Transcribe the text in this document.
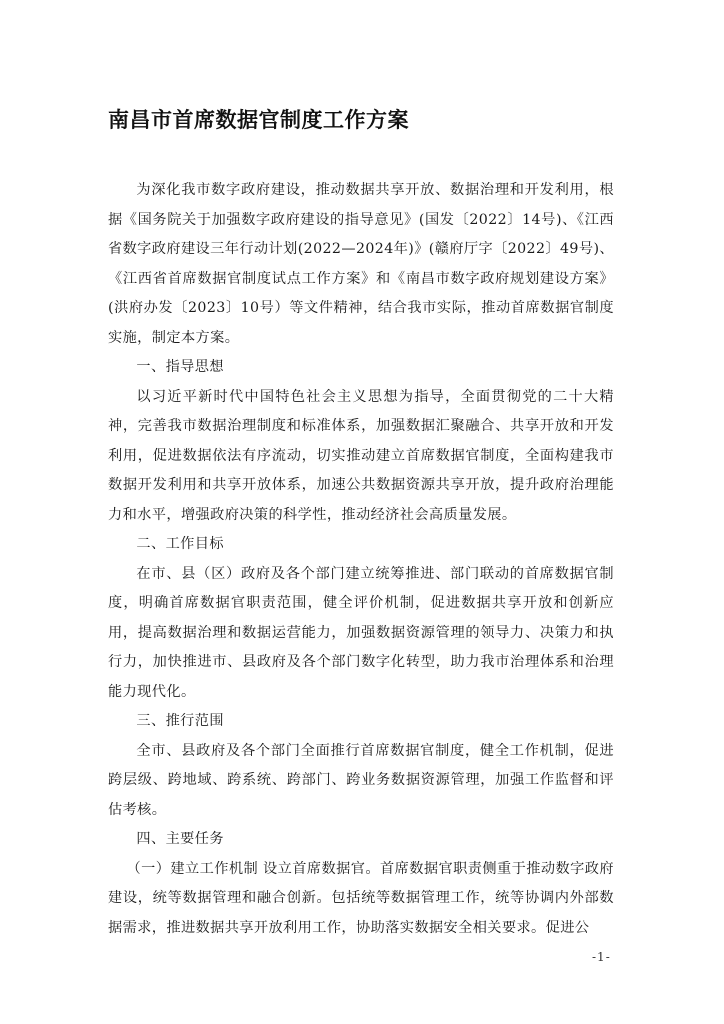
南昌市首席数据官制度工作方案

为深化我市数字政府建设，推动数据共享开放、数据治理和开发利用，根据《国务院关于加强数字政府建设的指导意见》(国发〔2022〕14号)、《江西省数字政府建设三年行动计划(2022—2024年)》(赣府厅字〔2022〕49号)、《江西省首席数据官制度试点工作方案》和《南昌市数字政府规划建设方案》(洪府办发〔2023〕10号）等文件精神，结合我市实际，推动首席数据官制度实施，制定本方案。

一、指导思想

以习近平新时代中国特色社会主义思想为指导，全面贯彻党的二十大精神，完善我市数据治理制度和标准体系，加强数据汇聚融合、共享开放和开发利用，促进数据依法有序流动，切实推动建立首席数据官制度，全面构建我市数据开发利用和共享开放体系，加速公共数据资源共享开放，提升政府治理能力和水平，增强政府决策的科学性，推动经济社会高质量发展。

二、工作目标

在市、县（区）政府及各个部门建立统筹推进、部门联动的首席数据官制度，明确首席数据官职责范围，健全评价机制，促进数据共享开放和创新应用，提高数据治理和数据运营能力，加强数据资源管理的领导力、决策力和执行力，加快推进市、县政府及各个部门数字化转型，助力我市治理体系和治理能力现代化。

三、推行范围

全市、县政府及各个部门全面推行首席数据官制度，健全工作机制，促进跨层级、跨地域、跨系统、跨部门、跨业务数据资源管理，加强工作监督和评估考核。

四、主要任务

（一）建立工作机制 设立首席数据官。首席数据官职责侧重于推动数字政府建设，统等数据管理和融合创新。包括统等数据管理工作，统等协调内外部数据需求，推进数据共享开放利用工作，协助落实数据安全相关要求。促进公

-1-
